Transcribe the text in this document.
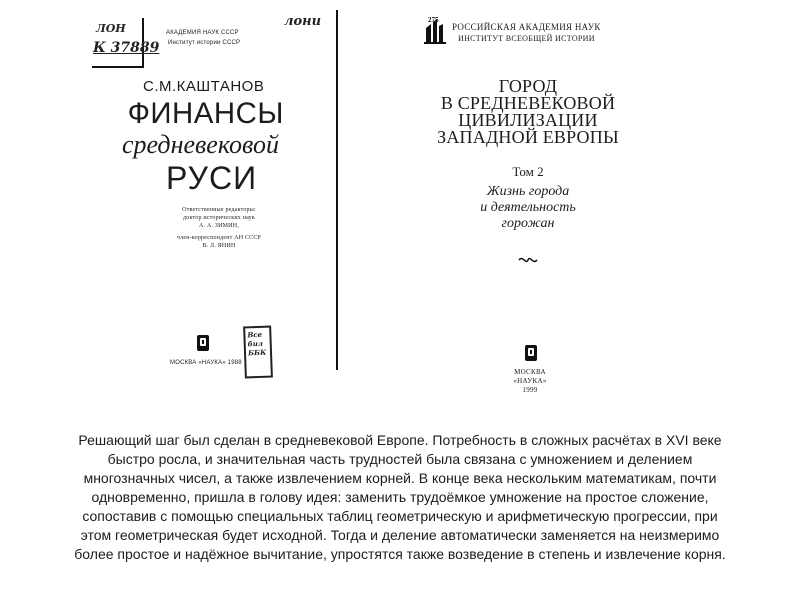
ЛОН
К 37889
лони
АКАДЕМИЯ НАУК СССР
Институт истории СССР
С.М.КАШТАНОВ
ФИНАНСЫ
средневековой
РУСИ
Ответственные редакторы:
доктор исторических наук
А. А. ЗИМИН,
член-корреспондент АН СССР
В. Л. ЯНИН
МОСКВА «НАУКА» 1988
Все
бил
ББК
275
РОССИЙСКАЯ АКАДЕМИЯ НАУК
ИНСТИТУТ ВСЕОБЩЕЙ ИСТОРИИ
ГОРОД
В СРЕДНЕВЕКОВОЙ
ЦИВИЛИЗАЦИИ
ЗАПАДНОЙ ЕВРОПЫ
Том 2
Жизнь города
и деятельность
горожан
МОСКВА
«НАУКА»
1999
Решающий шаг был сделан в средневековой Европе. Потребность в сложных расчётах в XVI веке
быстро росла, и значительная часть трудностей была связана с умножением и делением
многозначных чисел, а также извлечением корней. В конце века нескольким математикам, почти
одновременно, пришла в голову идея: заменить трудоёмкое умножение на простое сложение,
сопоставив с помощью специальных таблиц геометрическую и арифметическую прогрессии, при
этом геометрическая будет исходной. Тогда и деление автоматически заменяется на неизмеримо
более простое и надёжное вычитание, упростятся также возведение в степень и извлечение корня.
